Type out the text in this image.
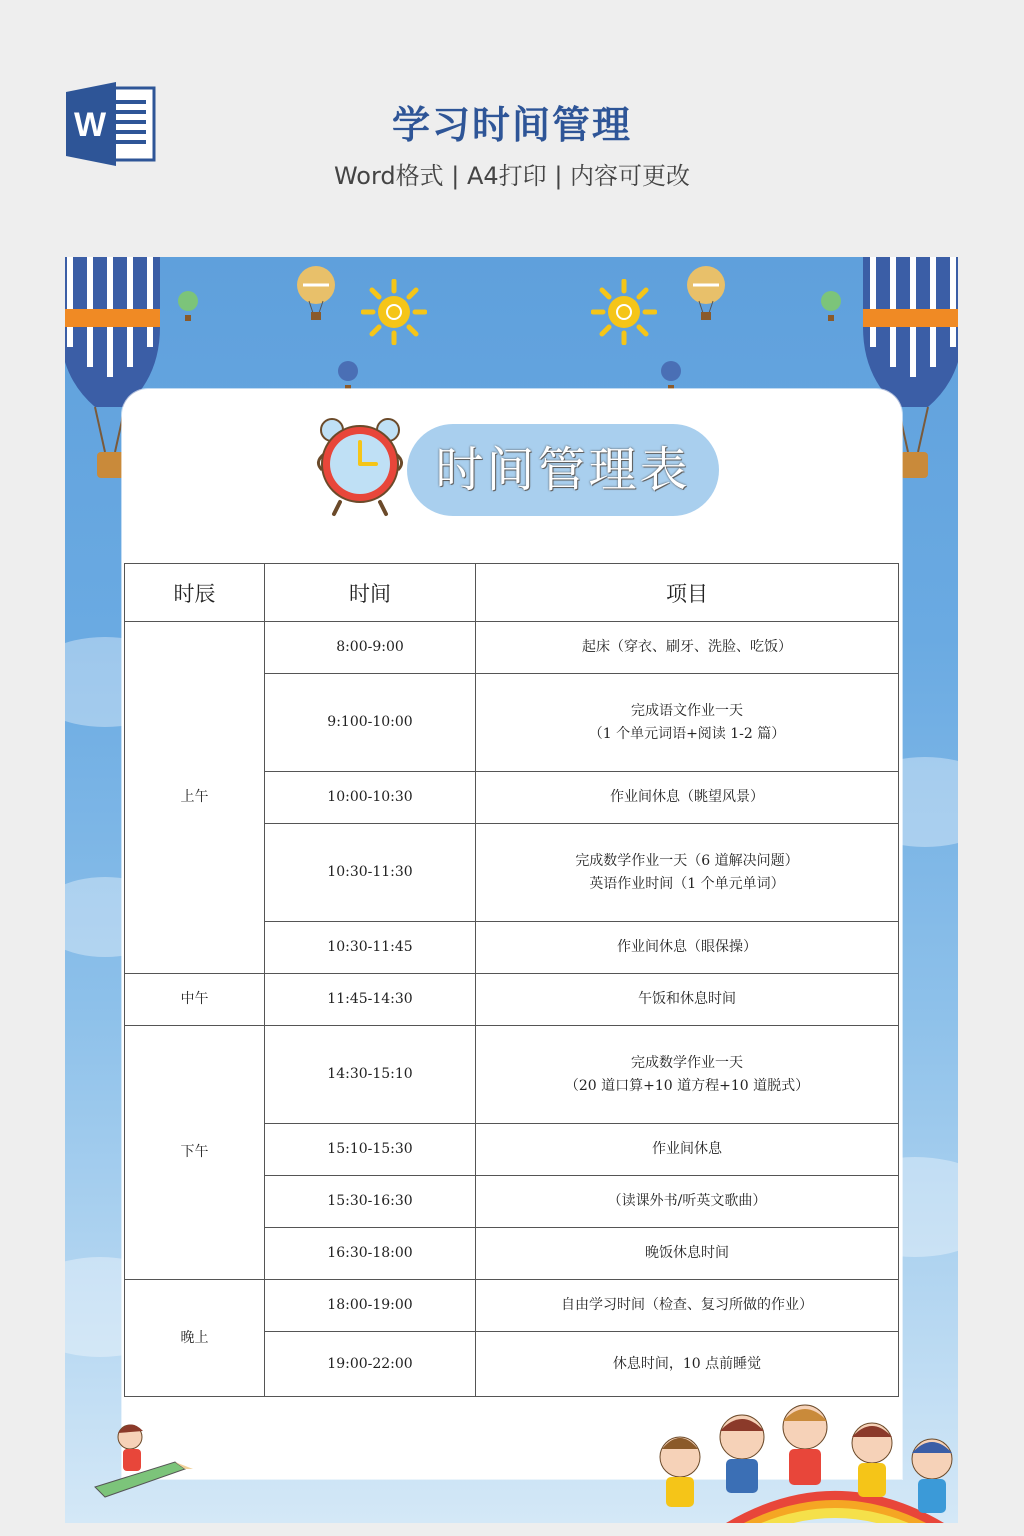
W	学习时间管理
Word格式 | A4打印 | 内容可更改
时间管理表
时辰	时间	项目
上午	8:00-9:00	起床（穿衣、刷牙、洗脸、吃饭）

	9:100-10:00	完成语文作业一天
（1 个单元词语+阅读 1-2 篇）

	10:00-10:30	作业间休息（眺望风景）

	10:30-11:30	完成数学作业一天（6 道解决问题）
英语作业时间（1 个单元单词）

	10:30-11:45	作业间休息（眼保操）

中午	11:45-14:30	午饭和休息时间

下午	14:30-15:10	完成数学作业一天
（20 道口算+10 道方程+10 道脱式）

	15:10-15:30	作业间休息

	15:30-16:30	（读课外书/听英文歌曲）

	16:30-18:00	晚饭休息时间

晚上	18:00-19:00	自由学习时间（检查、复习所做的作业）

	19:00-22:00	休息时间，10 点前睡觉
